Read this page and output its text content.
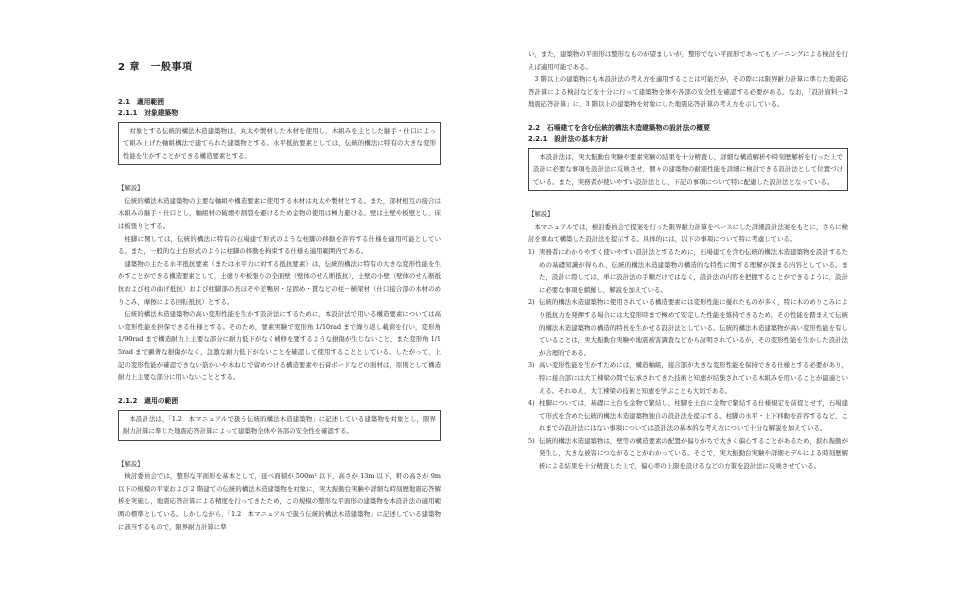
2 章　一般事項

2.1　適用範囲

2.1.1　対象建築物

対象とする伝統的構法木造建築物は，丸太や製材した木材を使用し，木組みを主とした継手・仕口によって組み上げた軸組構法で建てられた建築物とする。水平抵抗要素としては，伝統的構法に特有の大きな変形性能を生かすことができる構造要素とする。

【解説】

伝統的構法木造建築物の主要な軸組や構造要素に使用する木材は丸太や製材とする。また，部材相互の接合は木組みの継手・仕口とし，軸組材の破壊や割裂を避けるため金物の使用は極力避ける。壁は土壁や板壁とし，床は板張りとする。

柱脚に関しては，伝統的構法に特有の石場建て形式のような柱脚の移動を許容する仕様を適用可能としている。また，一般的な土台形式のように柱脚の移動を拘束する仕様も適用範囲内である。

建築物の主たる水平抵抗要素（または水平力に対する抵抗要素）は，伝統的構法に特有の大きな変形性能を生かすことができる構造要素として，土塗りや板張りの全面壁（壁体のせん断抵抗），土壁の小壁（壁体のせん断抵抗および柱の曲げ抵抗）および柱脚部の長ほぞや差鴨居・足固め・貫などの柱－横架材（仕口接合部の木材のめりこみ，摩擦による回転抵抗）とする。

伝統的構法木造建築物の高い変形性能を生かす設計法にするために，本設計法で用いる構造要素については高い変形性能を担保できる仕様とする。そのため，要素実験で変形角 1/10rad まで繰り返し載荷を行い，変形角 1/90rad まで構造耐力上主要な部分に耐力低下がなく補修を要するような損傷が生じないこと，また変形角 1/15rad まで顕著な損傷がなく，急激な耐力低下がないことを確認して使用することとしている。したがって，上記の変形性能が確認できない筋かいや木ねじで留めつける構造要素や石膏ボードなどの面材は，原則として構造耐力上主要な部分に用いないこととする。

2.1.2　適用の範囲

本設計法は，「1.2　本マニュアルで扱う伝統的構法木造建築物」に記述している建築物を対象とし，限界耐力計算に準じた地震応答計算によって建築物全体や各部の安全性を確認する。

【解説】

検討委員会では，整形な平面形を基本として，延べ面積が 500m² 以下，高さが 13m 以下，軒の高さが 9m 以下の規模の平家および 2 階建ての伝統的構法木造建築物を対象に，実大振動台実験や詳細な時刻歴地震応答解析を実施し，地震応答計算による精度を行ってきたため，この規模の整形な平面形の建築物を本設計法の適用範囲の標準としている。しかしながら，「1.2　本マニュアルで扱う伝統的構法木造建築物」に記述している建築物に該当するもので，限界耐力計算に準

い，また，建築物の平面形は整形なものが望ましいが，整形でない平面形であってもゾーニングによる検討を行えば適用可能である。

3 階以上の建築物にも本設計法の考え方を適用することは可能だが，その際には限界耐力計算に準じた地震応答計算による検討などを十分に行って建築物全体や各部の安全性を確認する必要がある。なお，「設計資料－2　地震応答計算」に，3 階以上の建築物を対象にした地震応答計算の考え方を示している。

2.2　石場建てを含む伝統的構法木造建築物の設計法の概要

2.2.1　設計法の基本方針

本設計法は，実大振動台実験や要素実験の結果を十分精査し，詳細な構造解析や時刻歴解析を行った上で設計に必要な事項を設計法に反映させ，個々の建築物の耐震性能を詳細に検討できる設計法として位置づけている。また，実務者が使いやすい設計法とし，下記の事項について特に配慮した設計法となっている。

【解説】

本マニュアルでは，検討委員会で提案を行った限界耐力計算をベースにした詳細設計法案をもとに，さらに検討を重ねて構築した設計法を提示する。具体的には，以下の事項について特に考慮している。

1) 実務者にわかりやすく使いやすい設計法とするために，石場建てを含む伝統的構法木造建築物を設計するための基礎知識が得られ，伝統的構法木造建築物の構造的な特性に関する理解が深まる内容としている。また，設計に際しては，単に設計法の手順だけではなく，設計法の内容を把握することができるように，設計に必要な事項を網羅し，解説を加えている。

2) 伝統的構法木造建築物に使用されている構造要素には変形性能に優れたものが多く，特に木のめりこみにより抵抗力を発揮する場合には大変形時まで極めて安定した性能を維持できるため，その性能を踏まえて伝統的構法木造建築物の構造的特長を生かせる設計法としている。伝統的構法木造建築物が高い変形性能を有していることは，実大振動台実験や地震被害調査などから証明されているが，その変形性能を生かした設計法が合理的である。

3) 高い変形性能を生かすためには，構造軸組，接合部が大きな変形性能を保持できる仕様とする必要があり，特に接合部には大工棟梁の間で伝承されてきた技術と知恵が結集されている木組みを用いることが最適といえる。それゆえ，大工棟梁の技術と知恵を学ぶことも大切である。

4) 柱脚については，基礎に土台を金物で緊結し，柱脚を土台に金物で緊結する仕様規定を前提とせず，石場建て形式を含めた伝統的構法木造建築物独自の設計法を提示する。柱脚の水平・上下移動を許容するなど，これまでの設計法にはない事項については設計法の基本的な考え方について十分な解説を加えている。

5) 伝統的構法木造建築物は，壁等の構造要素の配置が偏りがちで大きく偏心することがあるため，捩れ振動が発生し，大きな被害につながることがわかっている。そこで，実大振動台実験や詳細モデルによる時刻歴解析による結果を十分精査した上で，偏心率の上限を設けるなどの方策を設計法に反映させている。
